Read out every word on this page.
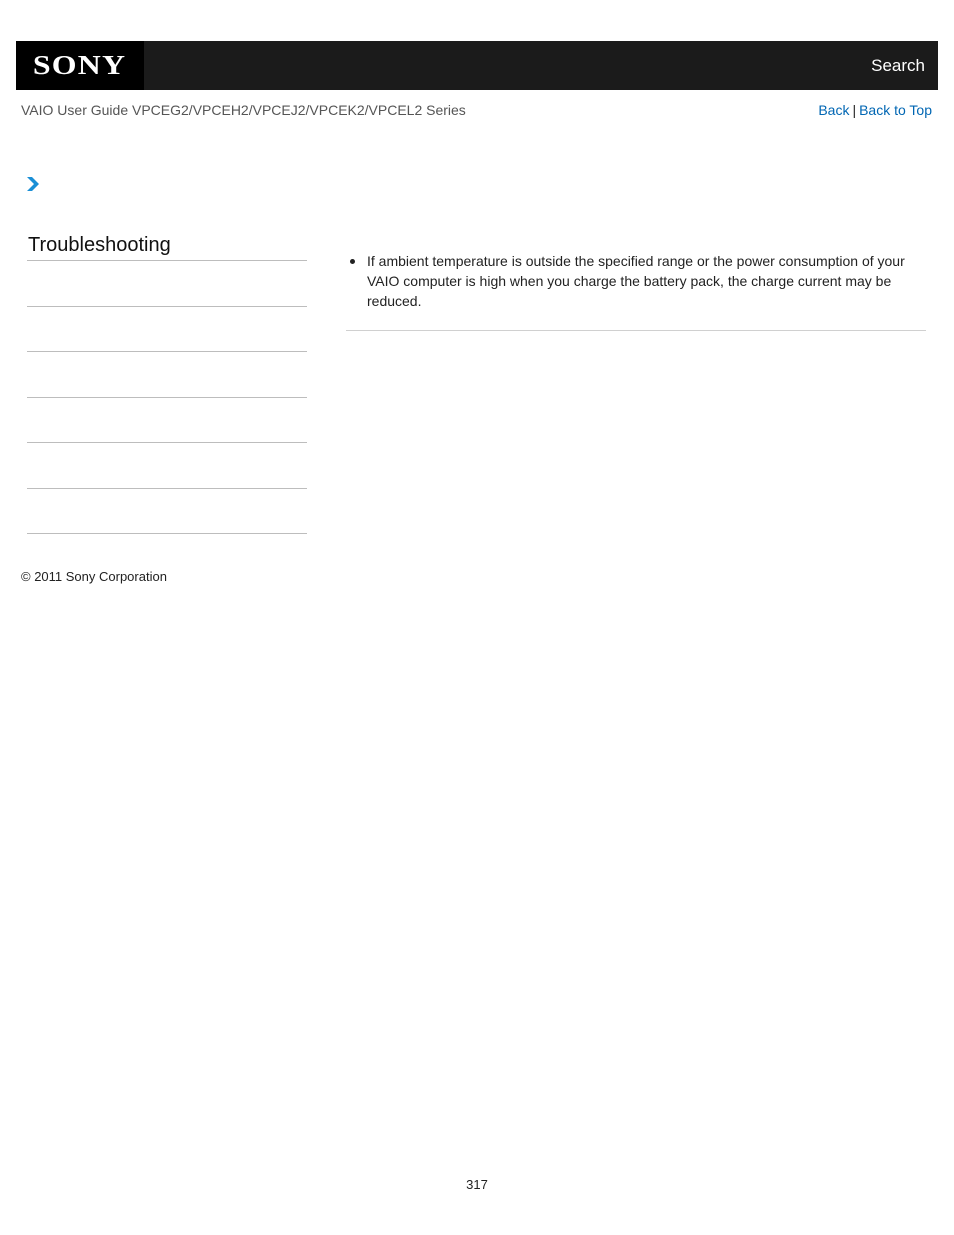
SONY	Search
VAIO User Guide VPCEG2/VPCEH2/VPCEJ2/VPCEK2/VPCEL2 Series	Back | Back to Top
Troubleshooting
If ambient temperature is outside the specified range or the power consumption of your VAIO computer is high when you charge the battery pack, the charge current may be reduced.
© 2011 Sony Corporation
317
